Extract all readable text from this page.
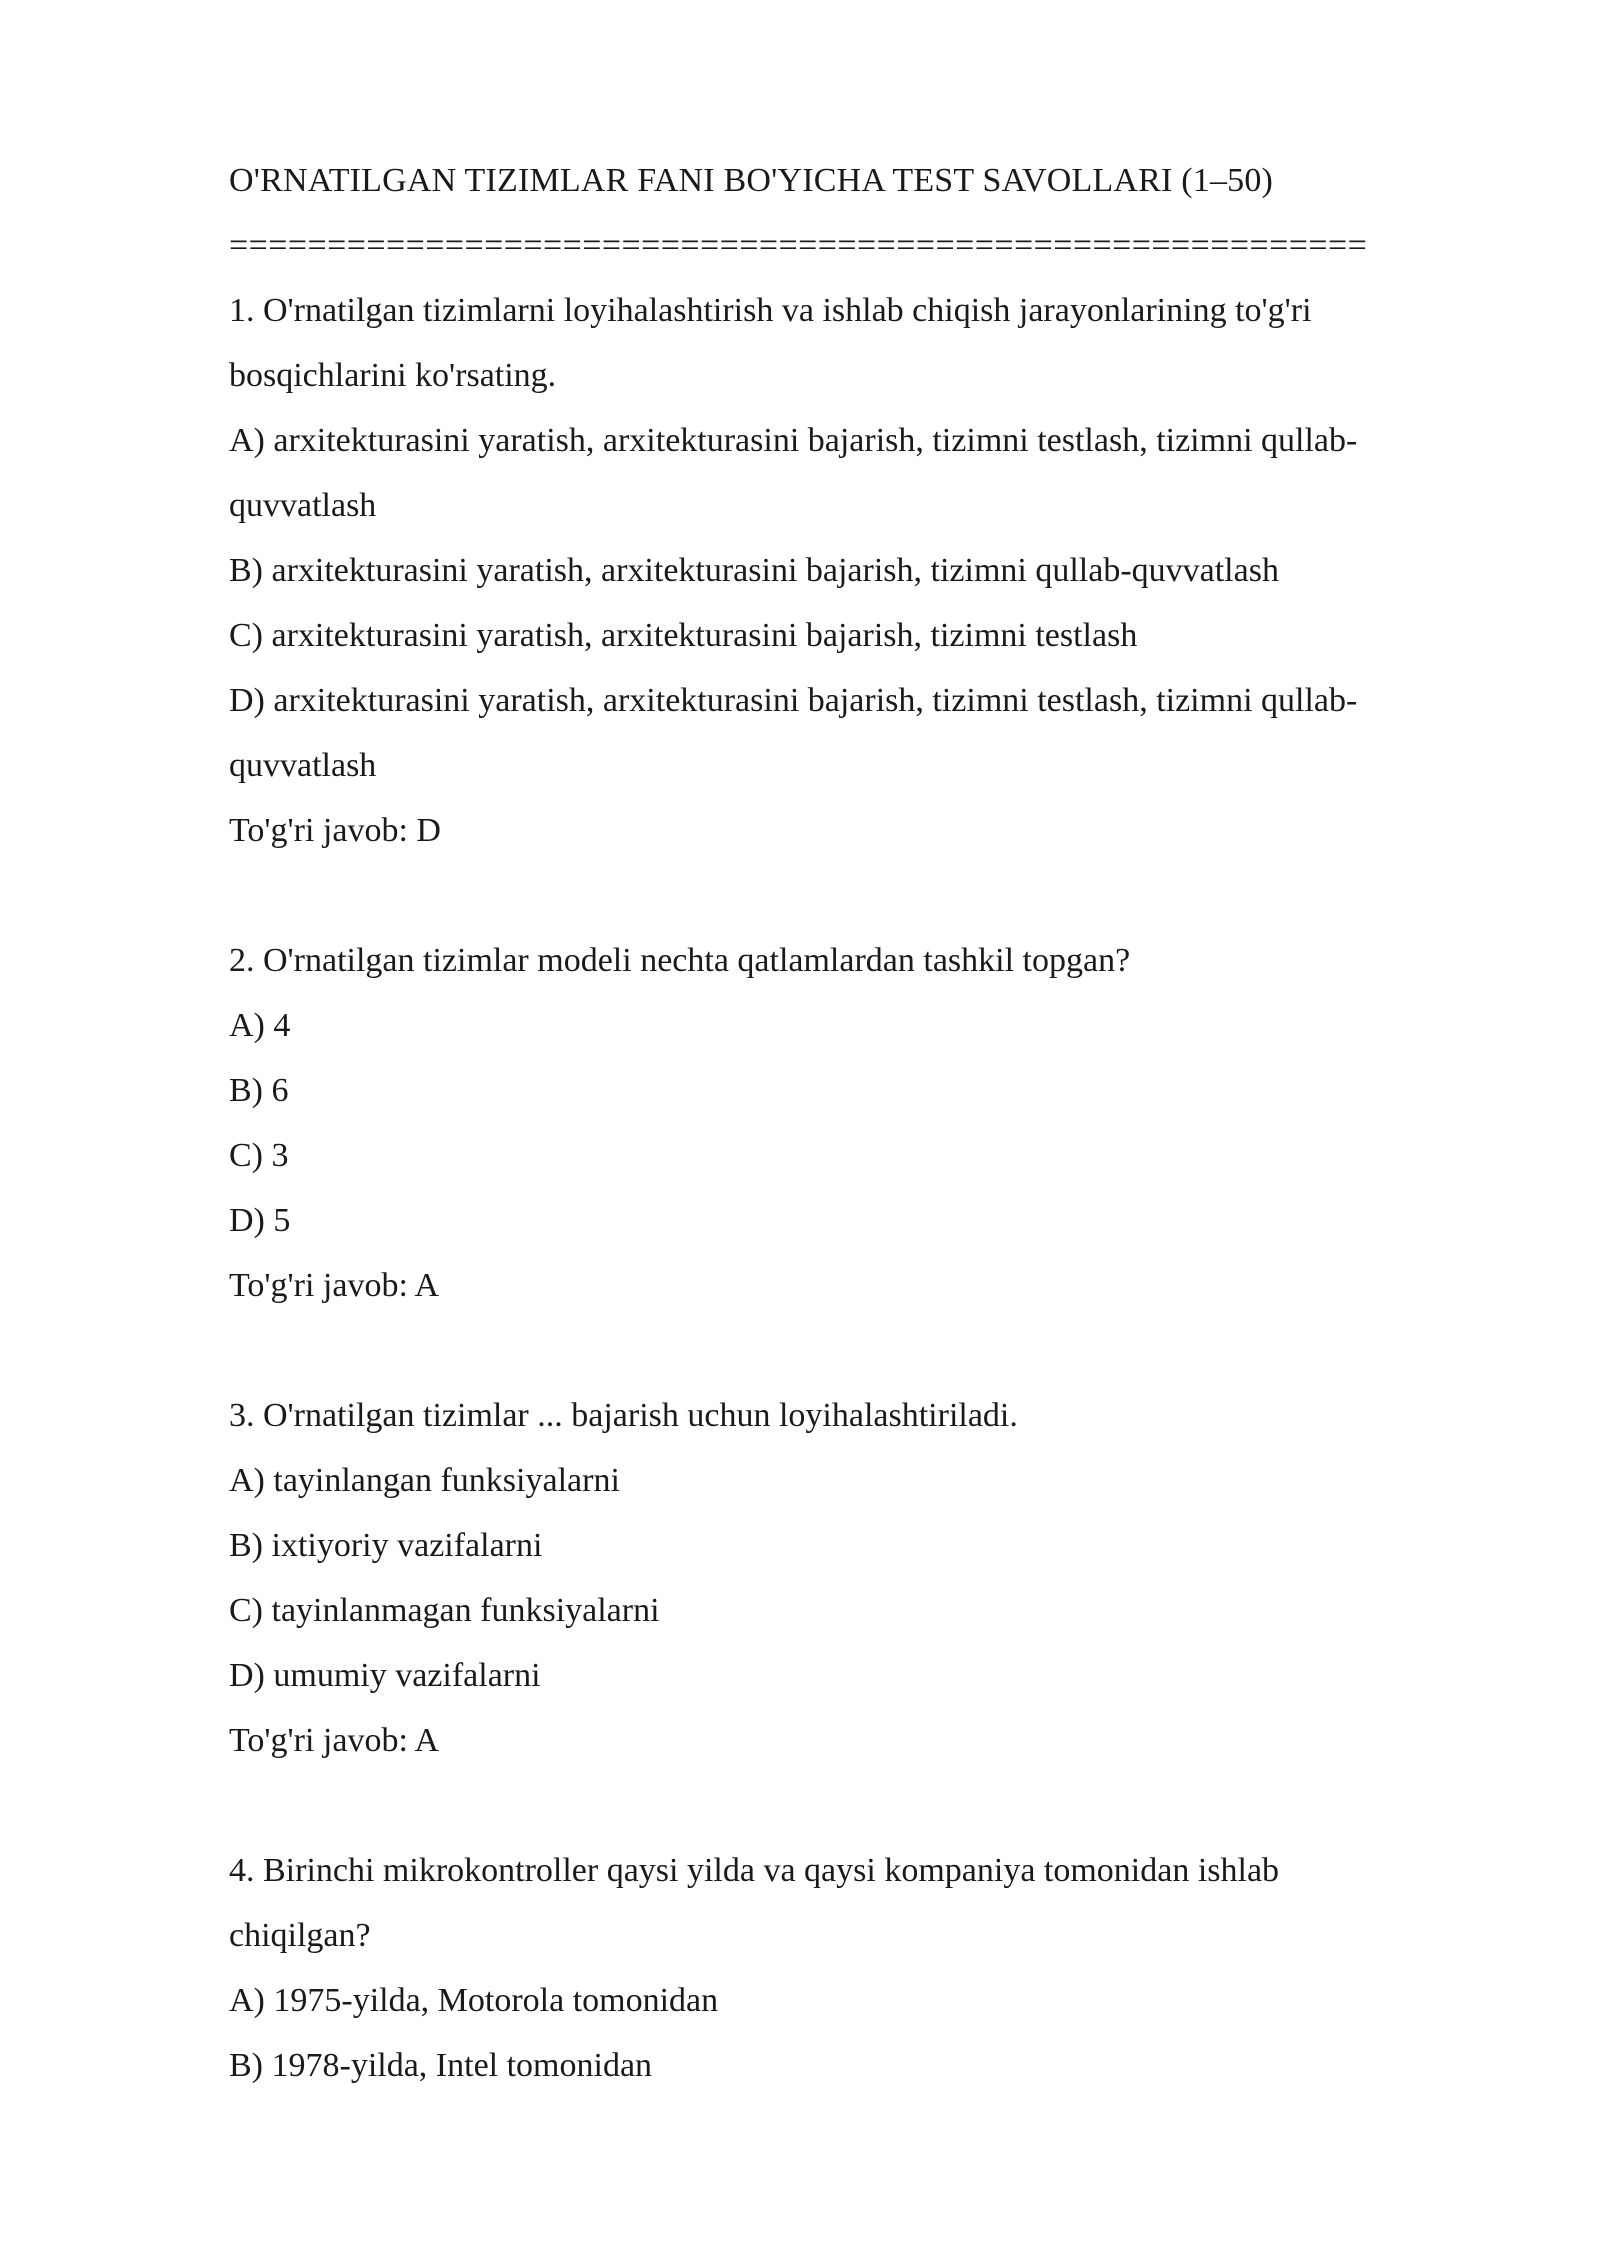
O'RNATILGAN TIZIMLAR FANI BO'YICHA TEST SAVOLLARI (1–50)
==========================================================
1. O'rnatilgan tizimlarni loyihalashtirish va ishlab chiqish jarayonlarining to'g'ri
bosqichlarini ko'rsating.
A) arxitekturasini yaratish, arxitekturasini bajarish, tizimni testlash, tizimni qullab-
quvvatlash
B) arxitekturasini yaratish, arxitekturasini bajarish, tizimni qullab-quvvatlash
C) arxitekturasini yaratish, arxitekturasini bajarish, tizimni testlash
D) arxitekturasini yaratish, arxitekturasini bajarish, tizimni testlash, tizimni qullab-
quvvatlash
To'g'ri javob: D
2. O'rnatilgan tizimlar modeli nechta qatlamlardan tashkil topgan?
A) 4
B) 6
C) 3
D) 5
To'g'ri javob: A
3. O'rnatilgan tizimlar ... bajarish uchun loyihalashtiriladi.
A) tayinlangan funksiyalarni
B) ixtiyoriy vazifalarni
C) tayinlanmagan funksiyalarni
D) umumiy vazifalarni
To'g'ri javob: A
4. Birinchi mikrokontroller qaysi yilda va qaysi kompaniya tomonidan ishlab
chiqilgan?
A) 1975-yilda, Motorola tomonidan
B) 1978-yilda, Intel tomonidan
